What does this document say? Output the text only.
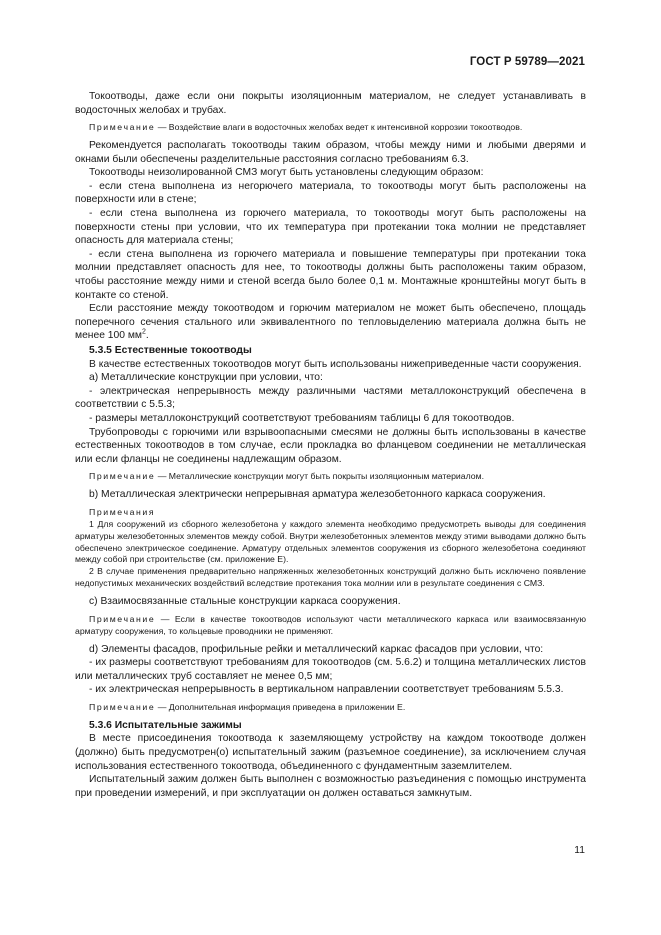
ГОСТ Р 59789—2021

Токоотводы, даже если они покрыты изоляционным материалом, не следует устанавливать в водосточных желобах и трубах.

Примечание — Воздействие влаги в водосточных желобах ведет к интенсивной коррозии токоотводов.

Рекомендуется располагать токоотводы таким образом, чтобы между ними и любыми дверями и окнами были обеспечены разделительные расстояния согласно требованиям 6.3.

Токоотводы неизолированной СМЗ могут быть установлены следующим образом:

- если стена выполнена из негорючего материала, то токоотводы могут быть расположены на поверхности или в стене;

- если стена выполнена из горючего материала, то токоотводы могут быть расположены на поверхности стены при условии, что их температура при протекании тока молнии не представляет опасность для материала стены;

- если стена выполнена из горючего материала и повышение температуры при протекании тока молнии представляет опасность для нее, то токоотводы должны быть расположены таким образом, чтобы расстояние между ними и стеной всегда было более 0,1 м. Монтажные кронштейны могут быть в контакте со стеной.

Если расстояние между токоотводом и горючим материалом не может быть обеспечено, площадь поперечного сечения стального или эквивалентного по тепловыделению материала должна быть не менее 100 $мм^2$.

5.3.5 Естественные токоотводы

В качестве естественных токоотводов могут быть использованы нижеприведенные части сооружения.

а) Металлические конструкции при условии, что:

- электрическая непрерывность между различными частями металлоконструкций обеспечена в соответствии с 5.5.3;

- размеры металлоконструкций соответствуют требованиям таблицы 6 для токоотводов.

Трубопроводы с горючими или взрывоопасными смесями не должны быть использованы в качестве естественных токоотводов в том случае, если прокладка во фланцевом соединении не металлическая или если фланцы не соединены надлежащим образом.

Примечание — Металлические конструкции могут быть покрыты изоляционным материалом.

b) Металлическая электрически непрерывная арматура железобетонного каркаса сооружения.

Примечания

1 Для сооружений из сборного железобетона у каждого элемента необходимо предусмотреть выводы для соединения арматуры железобетонных элементов между собой. Внутри железобетонных элементов между этими выводами должно быть обеспечено электрическое соединение. Арматуру отдельных элементов сооружения из сборного железобетона соединяют между собой при строительстве (см. приложение Е).

2 В случае применения предварительно напряженных железобетонных конструкций должно быть исключено появление недопустимых механических воздействий вследствие протекания тока молнии или в результате соединения с СМЗ.

c) Взаимосвязанные стальные конструкции каркаса сооружения.

Примечание — Если в качестве токоотводов используют части металлического каркаса или взаимосвязанную арматуру сооружения, то кольцевые проводники не применяют.

d) Элементы фасадов, профильные рейки и металлический каркас фасадов при условии, что:

- их размеры соответствуют требованиям для токоотводов (см. 5.6.2) и толщина металлических листов или металлических труб составляет не менее 0,5 мм;

- их электрическая непрерывность в вертикальном направлении соответствует требованиям 5.5.3.

Примечание — Дополнительная информация приведена в приложении Е.

5.3.6 Испытательные зажимы

В месте присоединения токоотвода к заземляющему устройству на каждом токоотводе должен (должно) быть предусмотрен(о) испытательный зажим (разъемное соединение), за исключением случая использования естественного токоотвода, объединенного с фундаментным заземлителем.

Испытательный зажим должен быть выполнен с возможностью разъединения с помощью инструмента при проведении измерений, и при эксплуатации он должен оставаться замкнутым.

11
